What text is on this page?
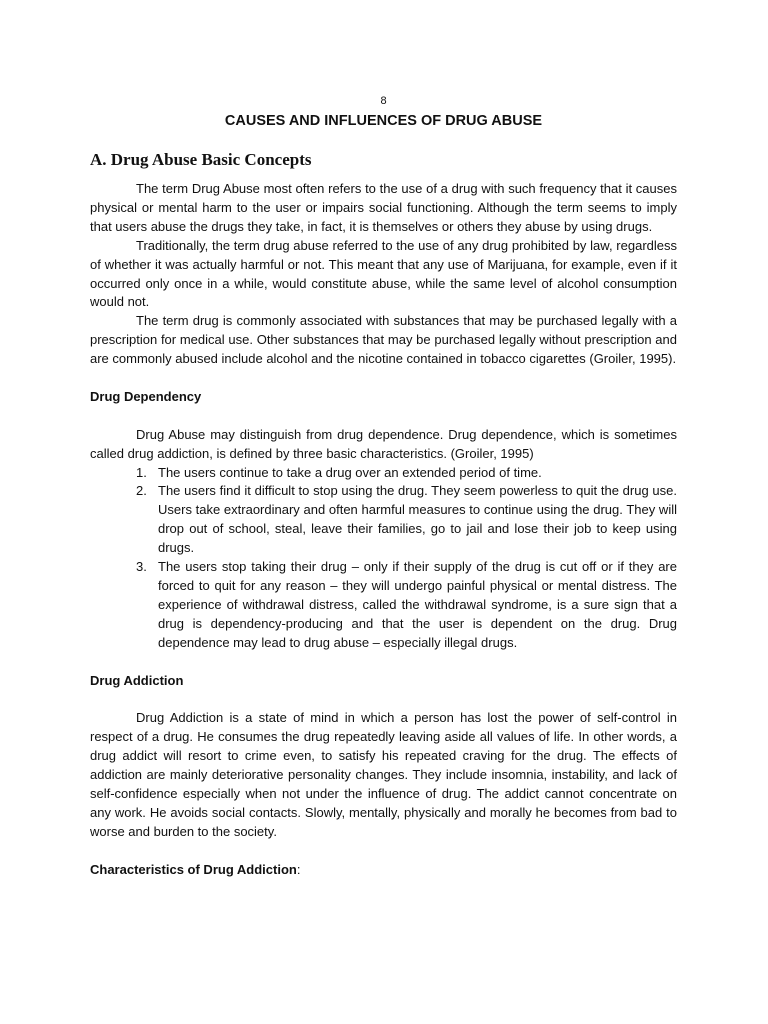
8
CAUSES AND INFLUENCES OF DRUG ABUSE
A. Drug Abuse Basic Concepts

The term Drug Abuse most often refers to the use of a drug with such frequency that it causes physical or mental harm to the user or impairs social functioning. Although the term seems to imply that users abuse the drugs they take, in fact, it is themselves or others they abuse by using drugs.

Traditionally, the term drug abuse referred to the use of any drug prohibited by law, regardless of whether it was actually harmful or not. This meant that any use of Marijuana, for example, even if it occurred only once in a while, would constitute abuse, while the same level of alcohol consumption would not.

The term drug is commonly associated with substances that may be purchased legally with a prescription for medical use. Other substances that may be purchased legally without prescription and are commonly abused include alcohol and the nicotine contained in tobacco cigarettes (Groiler, 1995).

Drug Dependency

Drug Abuse may distinguish from drug dependence. Drug dependence, which is sometimes called drug addiction, is defined by three basic characteristics. (Groiler, 1995)

1. The users continue to take a drug over an extended period of time.
2. The users find it difficult to stop using the drug. They seem powerless to quit the drug use. Users take extraordinary and often harmful measures to continue using the drug. They will drop out of school, steal, leave their families, go to jail and lose their job to keep using drugs.
3. The users stop taking their drug – only if their supply of the drug is cut off or if they are forced to quit for any reason – they will undergo painful physical or mental distress. The experience of withdrawal distress, called the withdrawal syndrome, is a sure sign that a drug is dependency-producing and that the user is dependent on the drug. Drug dependence may lead to drug abuse – especially illegal drugs.
Drug Addiction

Drug Addiction is a state of mind in which a person has lost the power of self-control in respect of a drug. He consumes the drug repeatedly leaving aside all values of life. In other words, a drug addict will resort to crime even, to satisfy his repeated craving for the drug. The effects of addiction are mainly deteriorative personality changes. They include insomnia, instability, and lack of self-confidence especially when not under the influence of drug. The addict cannot concentrate on any work. He avoids social contacts. Slowly, mentally, physically and morally he becomes from bad to worse and burden to the society.

Characteristics of Drug Addiction:
